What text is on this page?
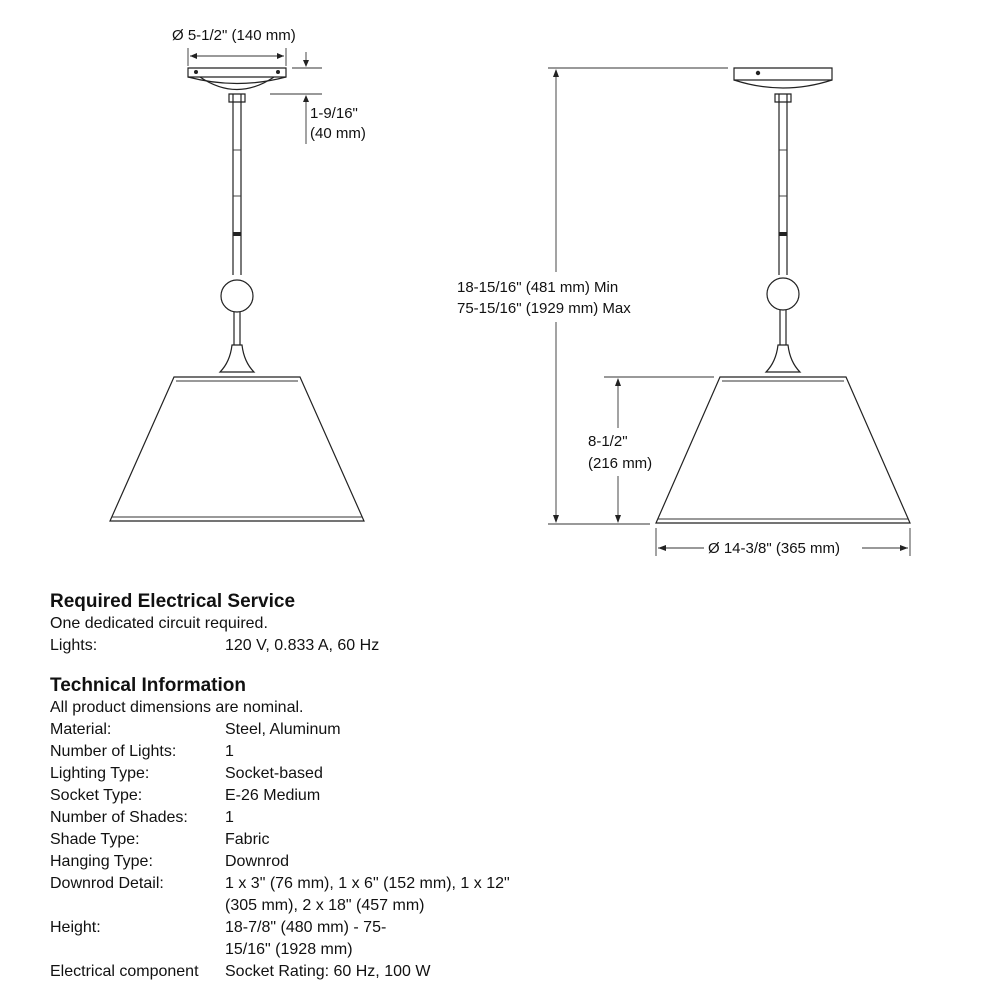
Ø 5-1/2" (140 mm)
1-9/16"
(40 mm)
18-15/16" (481 mm) Min
75-15/16" (1929 mm) Max
8-1/2"
(216 mm)
Ø 14-3/8" (365 mm)
Required Electrical Service
One dedicated circuit required.
Lights:	120 V, 0.833 A, 60 Hz
Technical Information
All product dimensions are nominal.
Material:	Steel, Aluminum
Number of Lights:	1
Lighting Type:	Socket-based
Socket Type:	E-26 Medium
Number of Shades:	1
Shade Type:	Fabric
Hanging Type:	Downrod
Downrod Detail:	1 x 3" (76 mm), 1 x 6" (152 mm), 1 x 12" (305 mm), 2 x 18" (457 mm)
Height:	18-7/8" (480 mm) - 75-15/16" (1928 mm)
Electrical component	Socket Rating: 60 Hz, 100 W
